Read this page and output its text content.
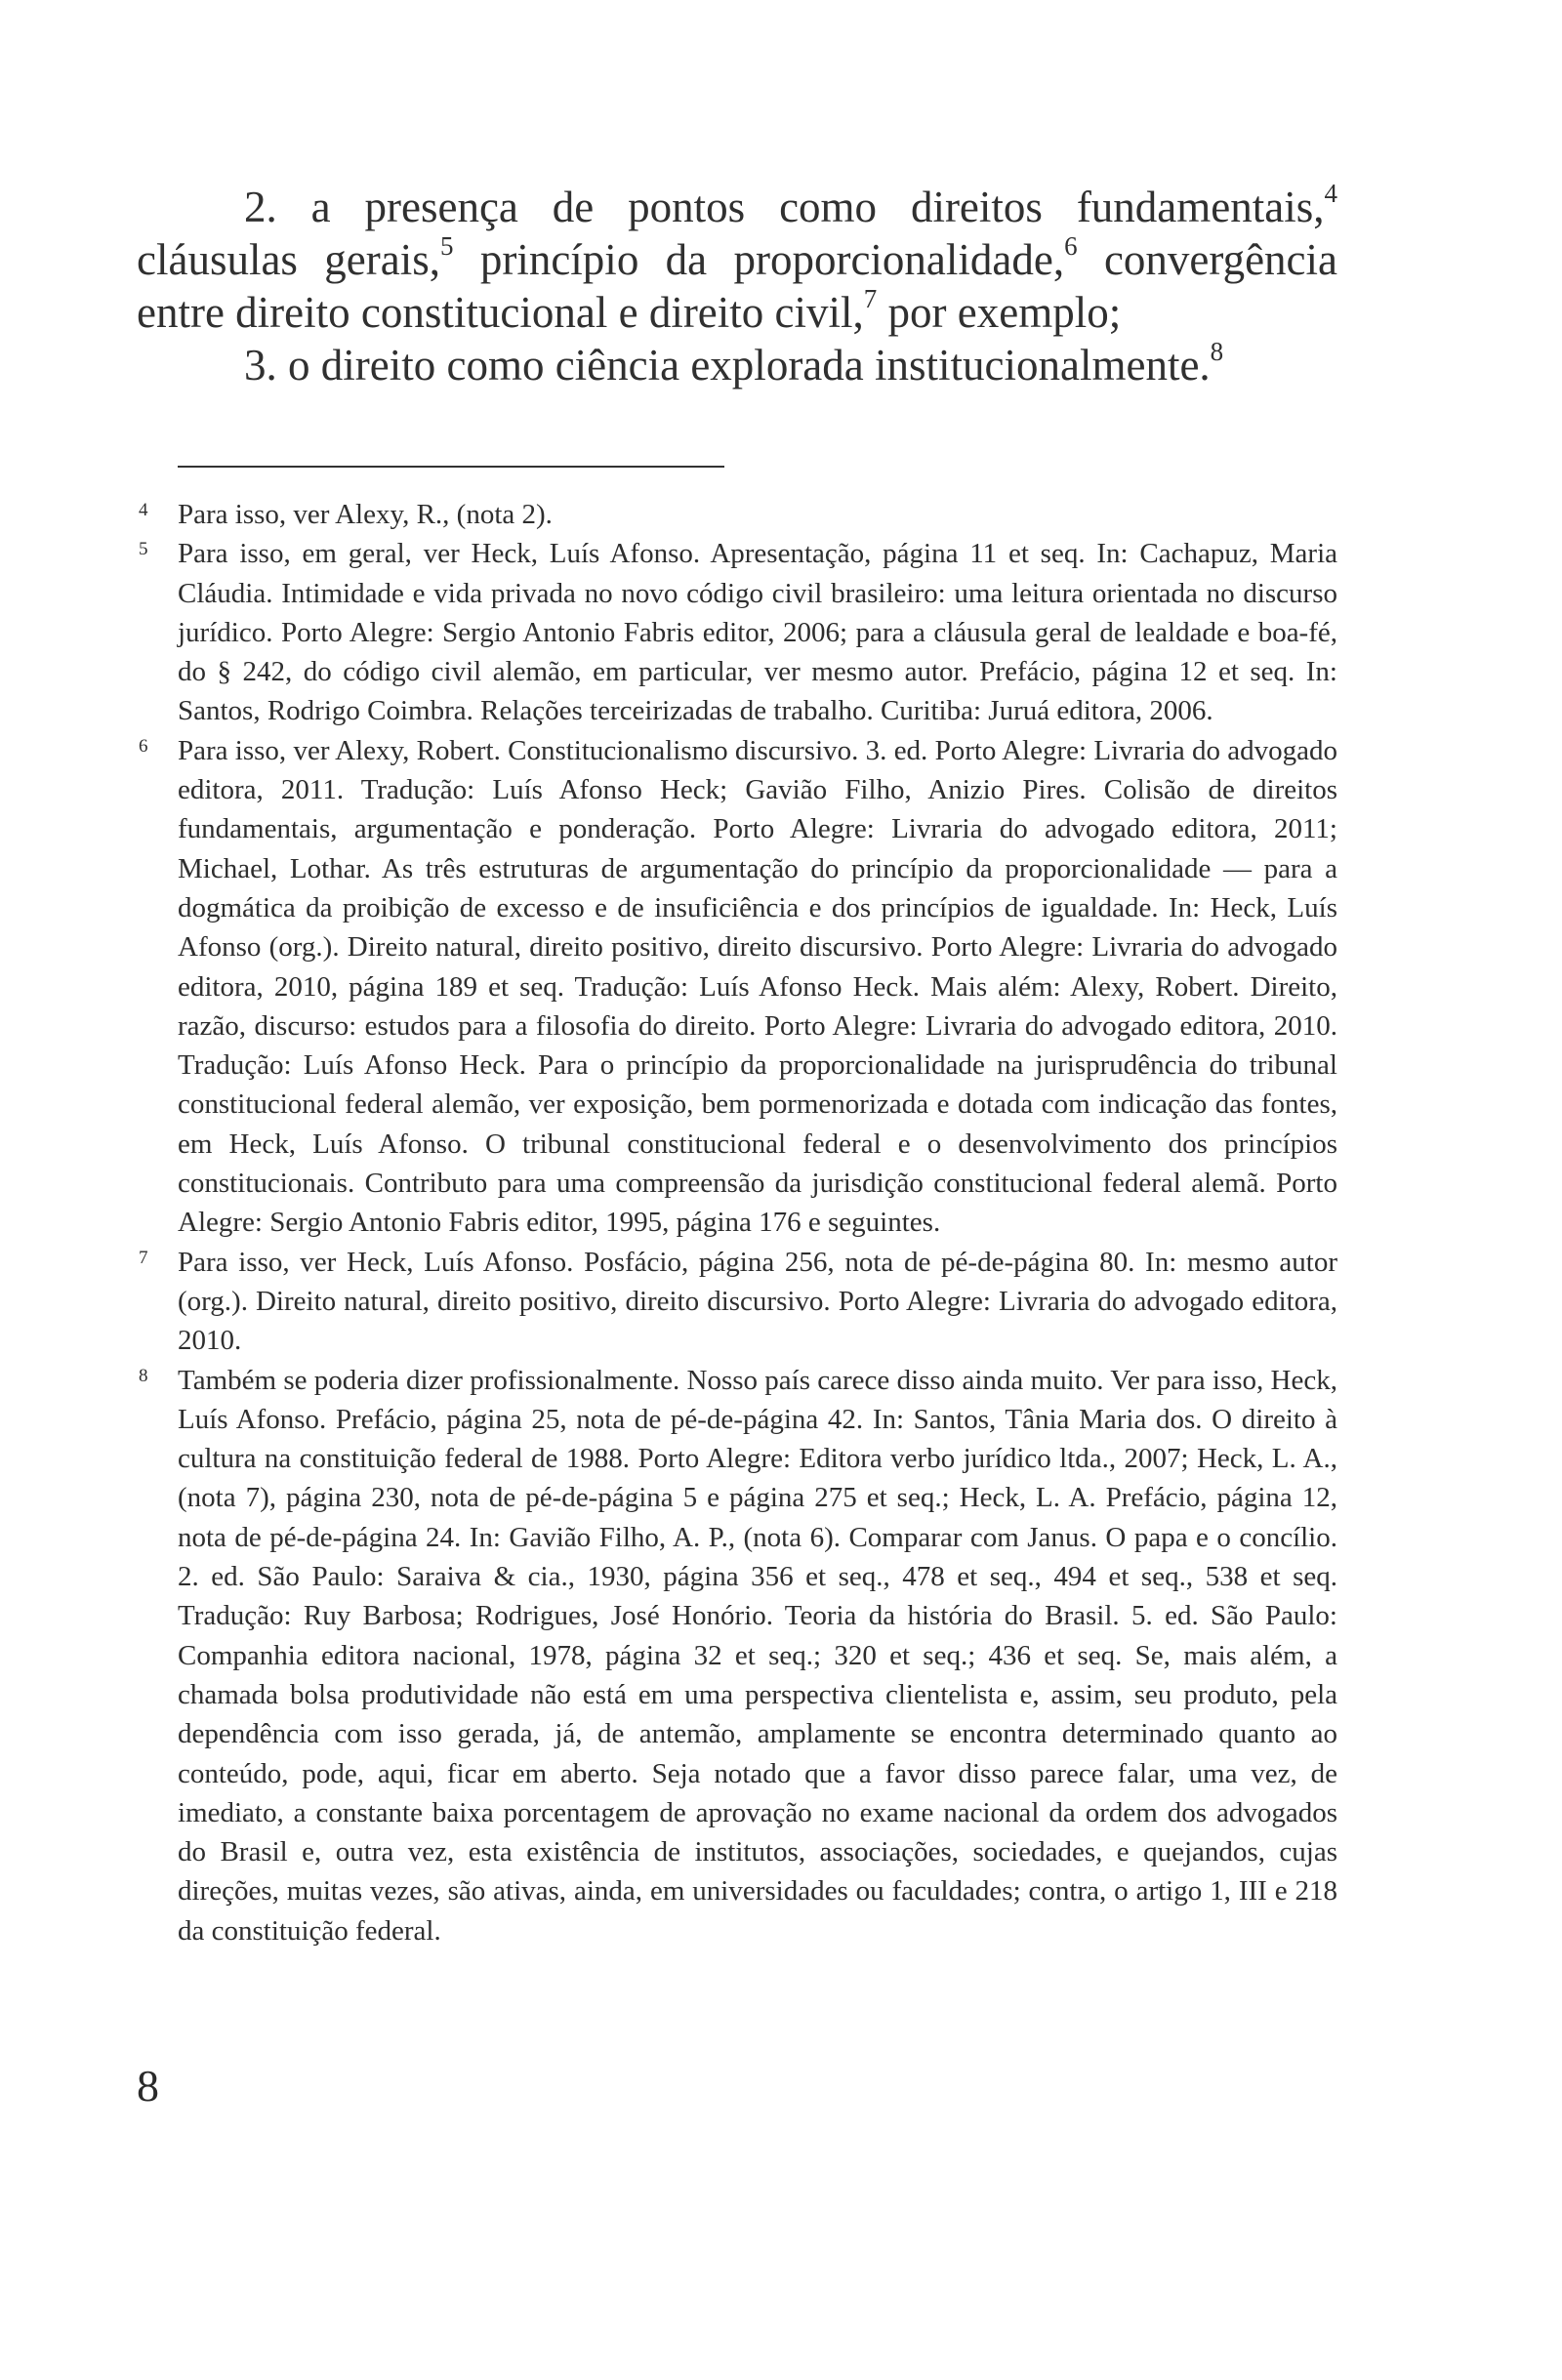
2. a presença de pontos como direitos fundamentais,$^4$ cláusulas gerais,$^5$ princípio da proporcionalidade,$^6$ convergência entre direito constitucional e direito civil,$^7$ por exemplo;

3. o direito como ciência explorada institucionalmente.$^8$

4 Para isso, ver Alexy, R., (nota 2).
5 Para isso, em geral, ver Heck, Luís Afonso. Apresentação, página 11 et seq. In: Cachapuz, Maria Cláudia. Intimidade e vida privada no novo código civil brasileiro: uma leitura orientada no discurso jurídico. Porto Alegre: Sergio Antonio Fabris editor, 2006; para a cláusula geral de lealdade e boa-fé, do § 242, do código civil alemão, em particular, ver mesmo autor. Prefácio, página 12 et seq. In: Santos, Rodrigo Coimbra. Relações terceirizadas de trabalho. Curitiba: Juruá editora, 2006.
6 Para isso, ver Alexy, Robert. Constitucionalismo discursivo. 3. ed. Porto Alegre: Livraria do advogado editora, 2011. Tradução: Luís Afonso Heck; Gavião Filho, Anizio Pires. Colisão de direitos fundamentais, argumentação e ponderação. Porto Alegre: Livraria do advogado editora, 2011; Michael, Lothar. As três estruturas de argumentação do princípio da proporcionalidade — para a dogmática da proibição de excesso e de insuficiência e dos princípios de igualdade. In: Heck, Luís Afonso (org.). Direito natural, direito positivo, direito discursivo. Porto Alegre: Livraria do advogado editora, 2010, página 189 et seq. Tradução: Luís Afonso Heck. Mais além: Alexy, Robert. Direito, razão, discurso: estudos para a filosofia do direito. Porto Alegre: Livraria do advogado editora, 2010. Tradução: Luís Afonso Heck. Para o princípio da proporcionalidade na jurisprudência do tribunal constitucional federal alemão, ver exposição, bem pormenorizada e dotada com indicação das fontes, em Heck, Luís Afonso. O tribunal constitucional federal e o desenvolvimento dos princípios constitucionais. Contributo para uma compreensão da jurisdição constitucional federal alemã. Porto Alegre: Sergio Antonio Fabris editor, 1995, página 176 e seguintes.
7 Para isso, ver Heck, Luís Afonso. Posfácio, página 256, nota de pé-de-página 80. In: mesmo autor (org.). Direito natural, direito positivo, direito discursivo. Porto Alegre: Livraria do advogado editora, 2010.
8 Também se poderia dizer profissionalmente. Nosso país carece disso ainda muito. Ver para isso, Heck, Luís Afonso. Prefácio, página 25, nota de pé-de-página 42. In: Santos, Tânia Maria dos. O direito à cultura na constituição federal de 1988. Porto Alegre: Editora verbo jurídico ltda., 2007; Heck, L. A., (nota 7), página 230, nota de pé-de-página 5 e página 275 et seq.; Heck, L. A. Prefácio, página 12, nota de pé-de-página 24. In: Gavião Filho, A. P., (nota 6). Comparar com Janus. O papa e o concílio. 2. ed. São Paulo: Saraiva & cia., 1930, página 356 et seq., 478 et seq., 494 et seq., 538 et seq. Tradução: Ruy Barbosa; Rodrigues, José Honório. Teoria da história do Brasil. 5. ed. São Paulo: Companhia editora nacional, 1978, página 32 et seq.; 320 et seq.; 436 et seq. Se, mais além, a chamada bolsa produtividade não está em uma perspectiva clientelista e, assim, seu produto, pela dependência com isso gerada, já, de antemão, amplamente se encontra determinado quanto ao conteúdo, pode, aqui, ficar em aberto. Seja notado que a favor disso parece falar, uma vez, de imediato, a constante baixa porcentagem de aprovação no exame nacional da ordem dos advogados do Brasil e, outra vez, esta existência de institutos, associações, sociedades, e quejandos, cujas direções, muitas vezes, são ativas, ainda, em universidades ou faculdades; contra, o artigo 1, III e 218 da constituição federal.
8
